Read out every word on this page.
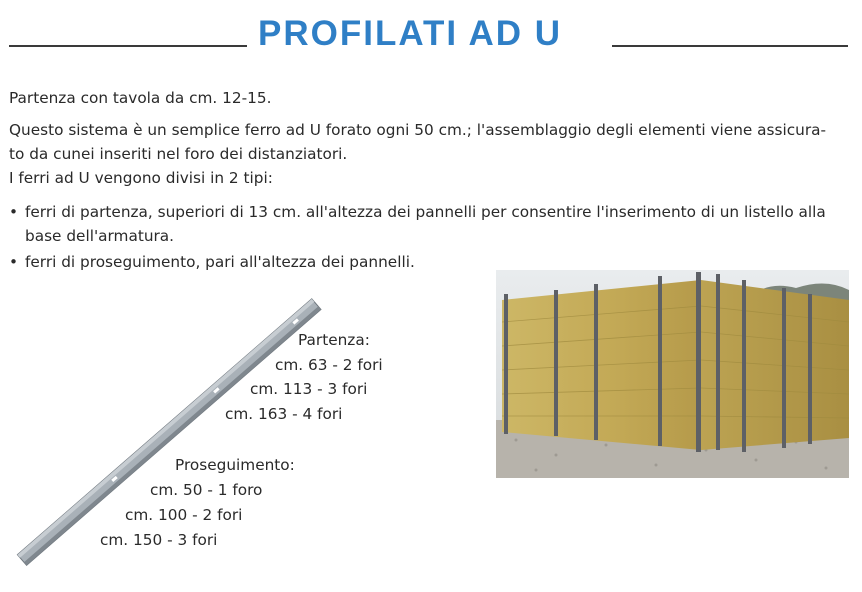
PROFILATI AD U
Partenza con tavola da cm. 12-15.
Questo sistema è un semplice ferro ad U forato ogni 50 cm.; l'assemblaggio degli elementi viene assicura-
to da cunei inseriti nel foro dei distanziatori.
I ferri ad U vengono divisi in 2 tipi:
• ferri di partenza, superiori di 13 cm. all'altezza dei pannelli per consentire l'inserimento di un listello alla
base dell'armatura.
• ferri di proseguimento, pari all'altezza dei pannelli.
Partenza:
cm. 63 - 2 fori
cm. 113 - 3 fori
cm. 163 - 4 fori
Proseguimento:
cm. 50 - 1 foro
cm. 100 - 2 fori
cm. 150 - 3 fori
